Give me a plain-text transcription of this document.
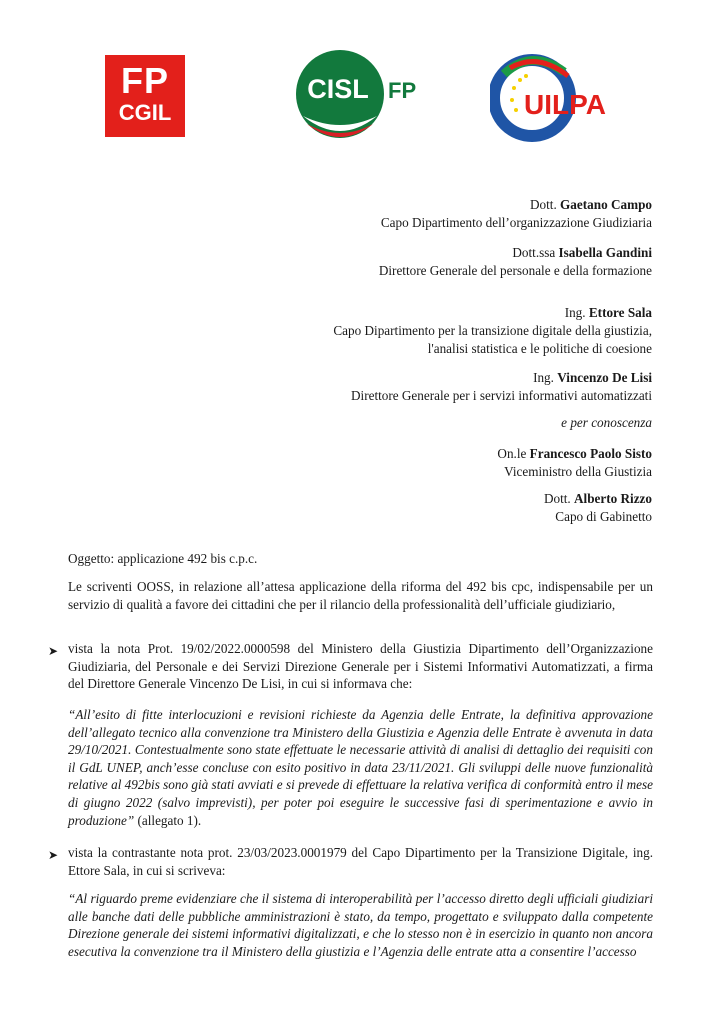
FP
CGIL
CISL FP	UILPA

Dott. Gaetano Campo

Capo Dipartimento dell’organizzazione Giudiziaria

Dott.ssa Isabella Gandini

Direttore Generale del personale e della formazione

Ing. Ettore Sala

Capo Dipartimento per la transizione digitale della giustizia,

l'analisi statistica e le politiche di coesione

Ing. Vincenzo De Lisi

Direttore Generale per i servizi informativi automatizzati

e per conoscenza

On.le Francesco Paolo Sisto

Viceministro della Giustizia

Dott. Alberto Rizzo

Capo di Gabinetto

Oggetto: applicazione 492 bis c.p.c.
Le scriventi OOSS, in relazione all’attesa applicazione della riforma del 492 bis cpc, indispensabile per un servizio di qualità a favore dei cittadini che per il rilancio della professionalità dell’ufficiale giudiziario,
➤ vista la nota Prot. 19/02/2022.0000598 del Ministero della Giustizia Dipartimento dell’Organizzazione Giudiziaria, del Personale e dei Servizi Direzione Generale per i Sistemi Informativi Automatizzati, a firma del Direttore Generale Vincenzo De Lisi, in cui si informava che:
“All’esito di fitte interlocuzioni e revisioni richieste da Agenzia delle Entrate, la definitiva approvazione dell’allegato tecnico alla convenzione tra Ministero della Giustizia e Agenzia delle Entrate è avvenuta in data 29/10/2021. Contestualmente sono state effettuate le necessarie attività di analisi di dettaglio dei requisiti con il GdL UNEP, anch’esse concluse con esito positivo in data 23/11/2021. Gli sviluppi delle nuove funzionalità relative al 492bis sono già stati avviati e si prevede di effettuare la relativa verifica di conformità entro il mese di giugno 2022 (salvo imprevisti), per poter poi eseguire le successive fasi di sperimentazione e avvio in produzione” (allegato 1).
➤ vista la contrastante nota prot. 23/03/2023.0001979 del Capo Dipartimento per la Transizione Digitale, ing. Ettore Sala, in cui si scriveva:
“Al riguardo preme evidenziare che il sistema di interoperabilità per l’accesso diretto degli ufficiali giudiziari alle banche dati delle pubbliche amministrazioni è stato, da tempo, progettato e sviluppato dalla competente Direzione generale dei sistemi informativi digitalizzati, e che lo stesso non è in esercizio in quanto non ancora esecutiva la convenzione tra il Ministero della giustizia e l’Agenzia delle entrate atta a consentire l’accesso
